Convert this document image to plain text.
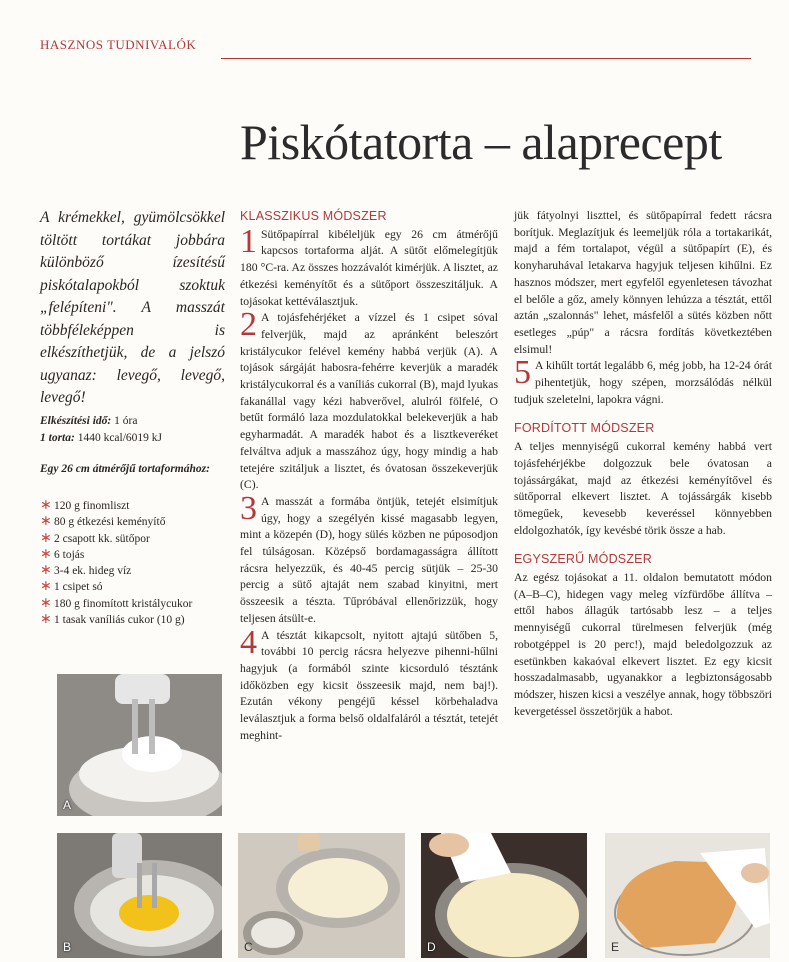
HASZNOS TUDNIVALÓK
Piskótatorta – alaprecept
A krémekkel, gyümölcsökkel töltött tortákat jobbára különböző ízesítésű piskótalapokból szoktuk „felépíteni". A masszát többféleképpen is elkészíthetjük, de a jelszó ugyanaz: levegő, levegő, levegő!
Elkészítési idő: 1 óra
1 torta: 1440 kcal/6019 kJ
Egy 26 cm átmérőjű tortaformához:
∗ 120 g finomliszt
∗ 80 g étkezési keményítő
∗ 2 csapott kk. sütőpor
∗ 6 tojás
∗ 3-4 ek. hideg víz
∗ 1 csipet só
∗ 180 g finomított kristálycukor
∗ 1 tasak vaníliás cukor (10 g)
KLASSZIKUS MÓDSZER

1 Sütőpapírral kibéleljük egy 26 cm átmérőjű kapcsos tortaforma alját. A sütőt előmelegítjük 180 °C-ra. Az összes hozzávalót kimérjük. A lisztet, az étkezési keményítőt és a sütőport összeszitáljuk. A tojásokat kettéválasztjuk.

2 A tojásfehérjéket a vízzel és 1 csipet sóval felverjük, majd az apránként beleszórt kristálycukor felével kemény habbá verjük (A). A tojások sárgáját habosra-fehérre keverjük a maradék kristálycukorral és a vaníliás cukorral (B), majd lyukas fakanállal vagy kézi habverővel, alulról fölfelé, O betűt formáló laza mozdulatokkal belekeverjük a hab egyharmadát. A maradék habot és a lisztkeveréket felváltva adjuk a masszához úgy, hogy mindig a hab tetejére szitáljuk a lisztet, és óvatosan összekeverjük (C).

3 A masszát a formába öntjük, tetejét elsimítjuk úgy, hogy a szegélyén kissé magasabb legyen, mint a közepén (D), hogy sülés közben ne púposodjon fel túlságosan. Középső bordamagasságra állított rácsra helyezzük, és 40-45 percig sütjük – 25-30 percig a sütő ajtaját nem szabad kinyitni, mert összeesik a tészta. Tűpróbával ellenőrizzük, hogy teljesen átsült-e.

4 A tésztát kikapcsolt, nyitott ajtajú sütőben 5, további 10 percig rácsra helyezve pihenni-hűlni hagyjuk (a formából szinte kicsorduló tésztánk időközben egy kicsit összeesik majd, nem baj!). Ezután vékony pengéjű késsel körbehaladva leválasztjuk a forma belső oldalfaláról a tésztát, tetejét meghint-

jük fátyolnyi liszttel, és sütőpapírral fedett rácsra borítjuk. Meglazítjuk és leemeljük róla a tortakarikát, majd a fém tortalapot, végül a sütőpapírt (E), és konyharuhával letakarva hagyjuk teljesen kihűlni. Ez hasznos módszer, mert egyfelől egyenletesen távozhat el belőle a gőz, amely könnyen lehúzza a tésztát, ettől aztán „szalonnás" lehet, másfelől a sütés közben nőtt esetleges „púp" a rácsra fordítás következtében elsimul!

5 A kihűlt tortát legalább 6, még jobb, ha 12-24 órát pihentetjük, hogy szépen, morzsálódás nélkül tudjuk szeletelni, lapokra vágni.

FORDÍTOTT MÓDSZER

A teljes mennyiségű cukorral kemény habbá vert tojásfehérjékbe dolgozzuk bele óvatosan a tojássárgákat, majd az étkezési keményítővel és sütőporral elkevert lisztet. A tojássárgák kisebb tömegűek, kevesebb keveréssel könnyebben eldolgozhatók, így kevésbé törik össze a hab.

EGYSZERŰ MÓDSZER

Az egész tojásokat a 11. oldalon bemutatott módon (A–B–C), hidegen vagy meleg vízfürdőbe állítva – ettől habos állagúk tartósabb lesz – a teljes mennyiségű cukorral türelmesen felverjük (még robotgéppel is 20 perc!), majd beledolgozzuk az esetünkben kakaóval elkevert lisztet. Ez egy kicsit hosszadalmasabb, ugyanakkor a legbiztonságosabb módszer, hiszen kicsi a veszélye annak, hogy többszöri kevergetéssel összetörjük a habot.

A
B	C	D	E
